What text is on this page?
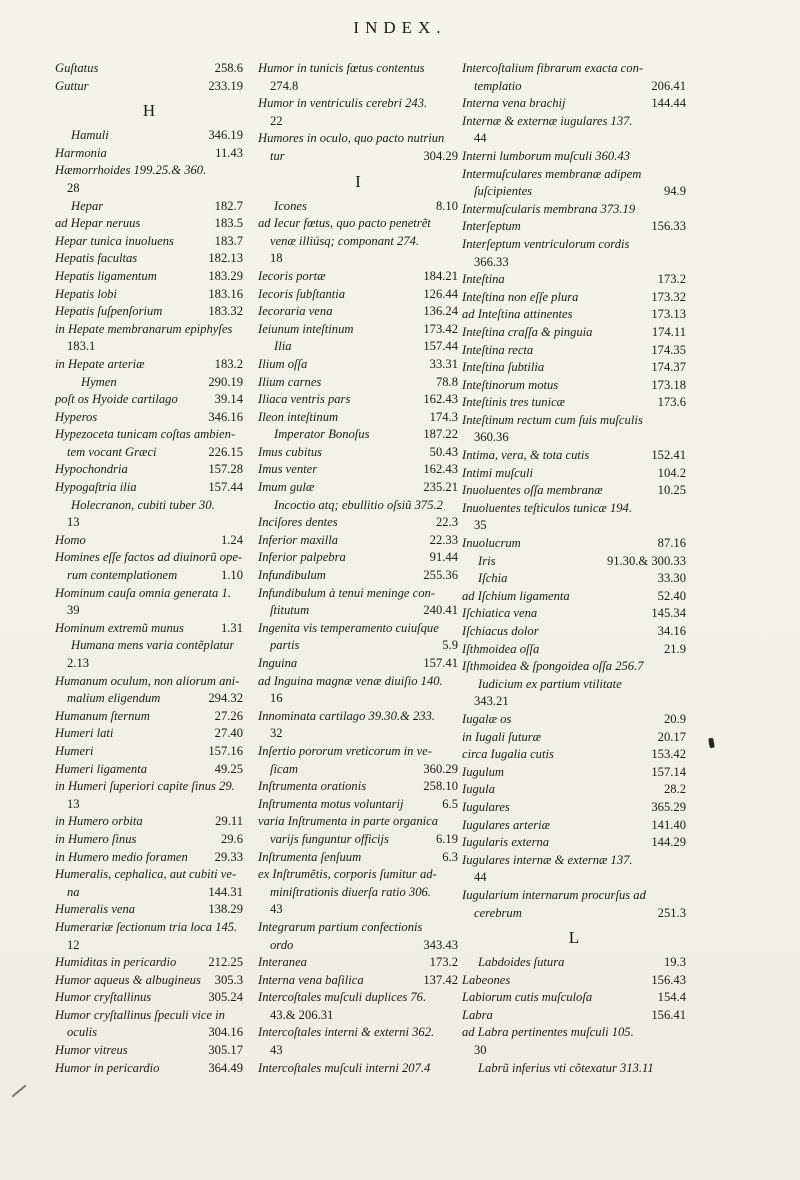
INDEX.
Guſtatus	258.6
Guttur	233.19
H
Hamuli	346.19
Harmonia	11.43
Hæmorrhoides 199.25.& 360.
28
Hepar	182.7
ad Hepar neruus	183.5
Hepar tunica inuoluens	183.7
Hepatis facultas	182.13
Hepatis ligamentum	183.29
Hepatis lobi	183.16
Hepatis ſuſpenſorium	183.32
in Hepate membranarum epiphyſes
183.1
in Hepate arteriæ	183.2
Hymen	290.19
poſt os Hyoide cartilago	39.14
Hyperos	346.16
Hypezoceta tunicam coſtas ambien-
tem vocant Græci	226.15
Hypochondria	157.28
Hypogaſtria ilia	157.44
Holecranon, cubiti tuber 30.
13
Homo	1.24
Homines eſſe factos ad diuinorũ ope-
rum contemplationem	1.10
Hominum cauſa omnia generata 1.
39
Hominum extremũ munus	1.31
Humana mens varia contẽplatur
2.13
Humanum oculum, non aliorum ani-
malium eligendum	294.32
Humanum ſternum	27.26
Humeri lati	27.40
Humeri	157.16
Humeri ligamenta	49.25
in Humeri ſuperiori capite ſinus 29.
13
in Humero orbita	29.11
in Humero ſinus	29.6
in Humero medio foramen	29.33
Humeralis, cephalica, aut cubiti ve-
na	144.31
Humeralis vena	138.29
Humerariæ ſectionum tria loca 145.
12
Humiditas in pericardio	212.25
Humor aqueus & albugineus	305.3
Humor cryſtallinus	305.24
Humor cryſtallinus ſpeculi vice in
oculis	304.16
Humor vitreus	305.17
Humor in pericardio	364.49
Humor in tunicis fœtus contentus
274.8
Humor in ventriculis cerebri 243.
22
Humores in oculo, quo pacto nutriun
tur	304.29
I
Icones	8.10
ad Iecur fœtus, quo pacto penetrẽt
venæ illiúsq; componant 274.
18
Iecoris portæ	184.21
Iecoris ſubſtantia	126.44
Iecoraria vena	136.24
Ieiunum inteſtinum	173.42
Ilia	157.44
Ilium oſſa	33.31
Ilium carnes	78.8
Iliaca ventris pars	162.43
Ileon inteſtinum	174.3
Imperator Bonoſus	187.22
Imus cubitus	50.43
Imus venter	162.43
Imum gulæ	235.21
Incoctio atq; ebullitio oſsiũ 375.2
Inciſores dentes	22.3
Inferior maxilla	22.33
Inferior palpebra	91.44
Infundibulum	255.36
Infundibulum à tenui meninge con-
ſtitutum	240.41
Ingenita vis temperamento cuiuſque
partis	5.9
Inguina	157.41
ad Inguina magnæ venæ diuiſio 140.
16
Innominata cartilago 39.30.& 233.
32
Inſertio pororum vreticorum in ve-
ſicam	360.29
Inſtrumenta orationis	258.10
Inſtrumenta motus voluntarij	6.5
varia Inſtrumenta in parte organica
varijs funguntur officijs	6.19
Inſtrumenta ſenſuum	6.3
ex Inſtrumẽtis, corporis ſumitur ad-
miniſtrationis diuerſa ratio 306.
43
Integrarum partium confectionis
ordo	343.43
Interanea	173.2
Interna vena baſilica	137.42
Intercoſtales muſculi duplices 76.
43.& 206.31
Intercoſtales interni & externi 362.
43
Intercoſtales muſculi interni 207.4
Intercoſtalium fibrarum exacta con-
templatio	206.41
Interna vena brachij	144.44
Internæ & externæ iugulares 137.
44
Interni lumborum muſculi 360.43
Intermuſculares membranæ adipem
ſuſcipientes	94.9
Intermuſcularis membrana 373.19
Interſeptum	156.33
Interſeptum ventriculorum cordis
366.33
Inteſtina	173.2
Inteſtina non eſſe plura	173.32
ad Inteſtina attinentes	173.13
Inteſtina craſſa & pinguia	174.11
Inteſtina recta	174.35
Inteſtina ſubtilia	174.37
Inteſtinorum motus	173.18
Inteſtinis tres tunicæ	173.6
Inteſtinum rectum cum ſuis muſculis
360.36
Intima, vera, & tota cutis	152.41
Intimi muſculi	104.2
Inuoluentes oſſa membranæ	10.25
Inuoluentes teſticulos tunicæ 194.
35
Inuolucrum	87.16
Iris	91.30.& 300.33
Iſchia	33.30
ad Iſchium ligamenta	52.40
Iſchiatica vena	145.34
Iſchiacus dolor	34.16
Iſthmoidea oſſa	21.9
Iſthmoidea & ſpongoidea oſſa 256.7
Iudicium ex partium vtilitate
343.21
Iugalæ os	20.9
in Iugali ſuturæ	20.17
circa Iugalia cutis	153.42
Iugulum	157.14
Iugula	28.2
Iugulares	365.29
Iugulares arteriæ	141.40
Iugularis externa	144.29
Iugulares internæ & externæ 137.
44
Iugularium internarum procurſus ad
cerebrum	251.3
L
Labdoides ſutura	19.3
Labeones	156.43
Labiorum cutis muſculoſa	154.4
Labra	156.41
ad Labra pertinentes muſculi 105.
30
Labrũ inferius vti cõtexatur 313.11
